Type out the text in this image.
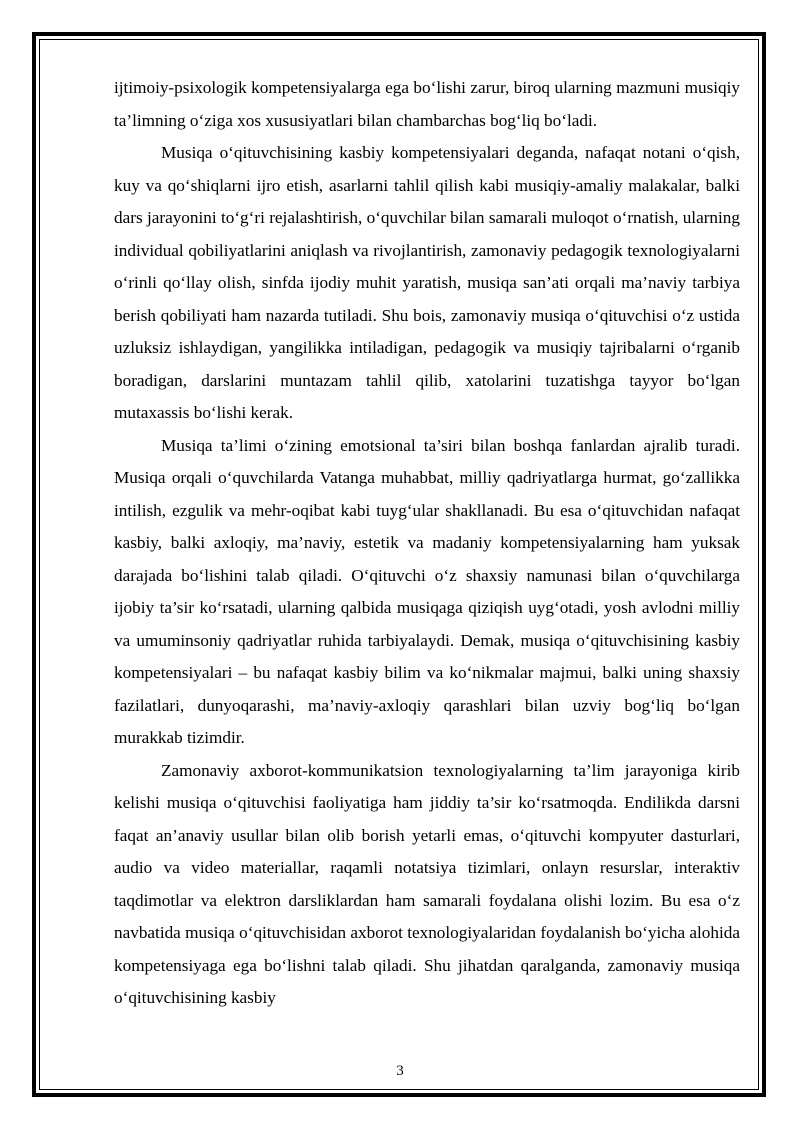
ijtimoiy-psixologik kompetensiyalarga ega bo‘lishi zarur, biroq ularning mazmuni musiqiy ta’limning o‘ziga xos xususiyatlari bilan chambarchas bog‘liq bo‘ladi.

Musiqa o‘qituvchisining kasbiy kompetensiyalari deganda, nafaqat notani o‘qish, kuy va qo‘shiqlarni ijro etish, asarlarni tahlil qilish kabi musiqiy-amaliy malakalar, balki dars jarayonini to‘g‘ri rejalashtirish, o‘quvchilar bilan samarali muloqot o‘rnatish, ularning individual qobiliyatlarini aniqlash va rivojlantirish, zamonaviy pedagogik texnologiyalarni o‘rinli qo‘llay olish, sinfda ijodiy muhit yaratish, musiqa san’ati orqali ma’naviy tarbiya berish qobiliyati ham nazarda tutiladi. Shu bois, zamonaviy musiqa o‘qituvchisi o‘z ustida uzluksiz ishlaydigan, yangilikka intiladigan, pedagogik va musiqiy tajribalarni o‘rganib boradigan, darslarini muntazam tahlil qilib, xatolarini tuzatishga tayyor bo‘lgan mutaxassis bo‘lishi kerak.

Musiqa ta’limi o‘zining emotsional ta’siri bilan boshqa fanlardan ajralib turadi. Musiqa orqali o‘quvchilarda Vatanga muhabbat, milliy qadriyatlarga hurmat, go‘zallikka intilish, ezgulik va mehr-oqibat kabi tuyg‘ular shakllanadi. Bu esa o‘qituvchidan nafaqat kasbiy, balki axloqiy, ma’naviy, estetik va madaniy kompetensiyalarning ham yuksak darajada bo‘lishini talab qiladi. O‘qituvchi o‘z shaxsiy namunasi bilan o‘quvchilarga ijobiy ta’sir ko‘rsatadi, ularning qalbida musiqaga qiziqish uyg‘otadi, yosh avlodni milliy va umuminsoniy qadriyatlar ruhida tarbiyalaydi. Demak, musiqa o‘qituvchisining kasbiy kompetensiyalari – bu nafaqat kasbiy bilim va ko‘nikmalar majmui, balki uning shaxsiy fazilatlari, dunyoqarashi, ma’naviy-axloqiy qarashlari bilan uzviy bog‘liq bo‘lgan murakkab tizimdir.

Zamonaviy axborot-kommunikatsion texnologiyalarning ta’lim jarayoniga kirib kelishi musiqa o‘qituvchisi faoliyatiga ham jiddiy ta’sir ko‘rsatmoqda. Endilikda darsni faqat an’anaviy usullar bilan olib borish yetarli emas, o‘qituvchi kompyuter dasturlari, audio va video materiallar, raqamli notatsiya tizimlari, onlayn resurslar, interaktiv taqdimotlar va elektron darsliklardan ham samarali foydalana olishi lozim. Bu esa o‘z navbatida musiqa o‘qituvchisidan axborot texnologiyalaridan foydalanish bo‘yicha alohida kompetensiyaga ega bo‘lishni talab qiladi. Shu jihatdan qaralganda, zamonaviy musiqa o‘qituvchisining kasbiy

3
